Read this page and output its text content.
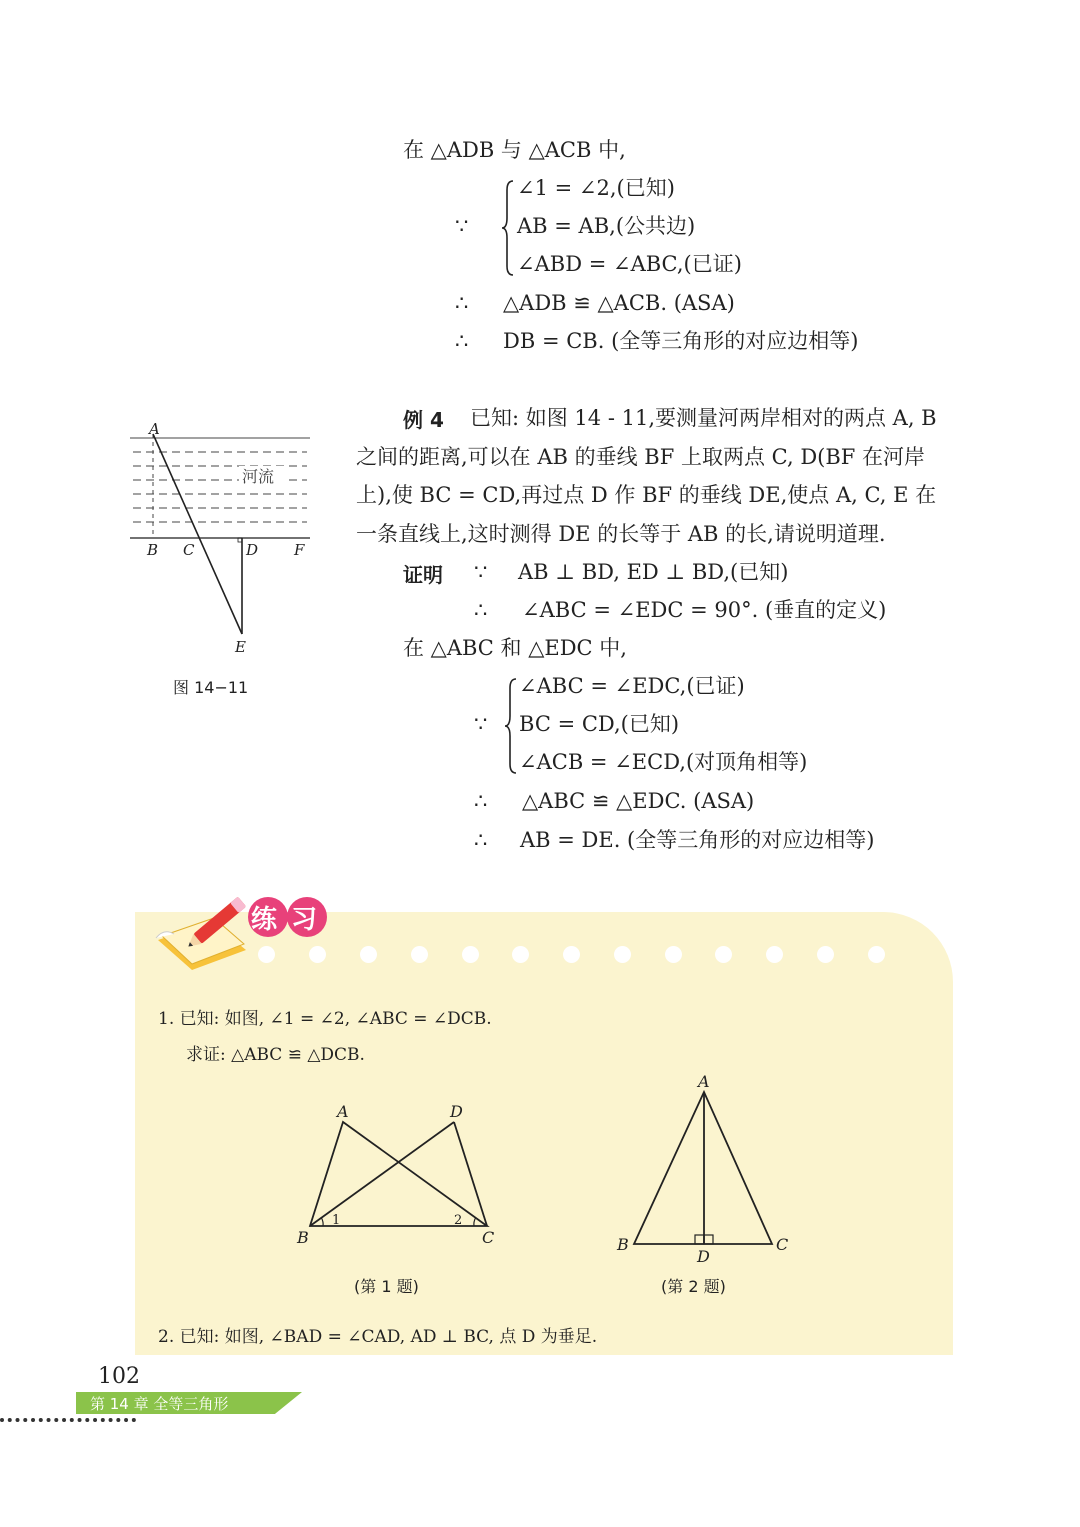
在 △ADB 与 △ACB 中,
∵
∠1 = ∠2,(已知)
AB = AB,(公共边)
∠ABD = ∠ABC,(已证)
∴ △ADB ≌ △ACB. (ASA)
∴ DB = CB. (全等三角形的对应边相等)
A
B C	D F
E
河流
图 14−11
例 4 已知: 如图 14 - 11,要测量河两岸相对的两点 A, B
之间的距离,可以在 AB 的垂线 BF 上取两点 C, D(BF 在河岸
上),使 BC = CD,再过点 D 作 BF 的垂线 DE,使点 A, C, E 在
一条直线上,这时测得 DE 的长等于 AB 的长,请说明道理.
证明 ∵ AB ⊥ BD, ED ⊥ BD,(已知)
∴ ∠ABC = ∠EDC = 90°. (垂直的定义)
在 △ABC 和 △EDC 中,
∵
∠ABC = ∠EDC,(已证)
BC = CD,(已知)
∠ACB = ∠ECD,(对顶角相等)
∴ △ABC ≌ △EDC. (ASA)
∴ AB = DE. (全等三角形的对应边相等)
练习
1. 已知: 如图, ∠1 = ∠2, ∠ABC = ∠DCB.
求证: △ABC ≌ △DCB.
A	D
B	C
1	2
(第 1 题)
A
B	C
D
(第 2 题)
2. 已知: 如图, ∠BAD = ∠CAD, AD ⊥ BC, 点 D 为垂足.
102
第 14 章 全等三角形
